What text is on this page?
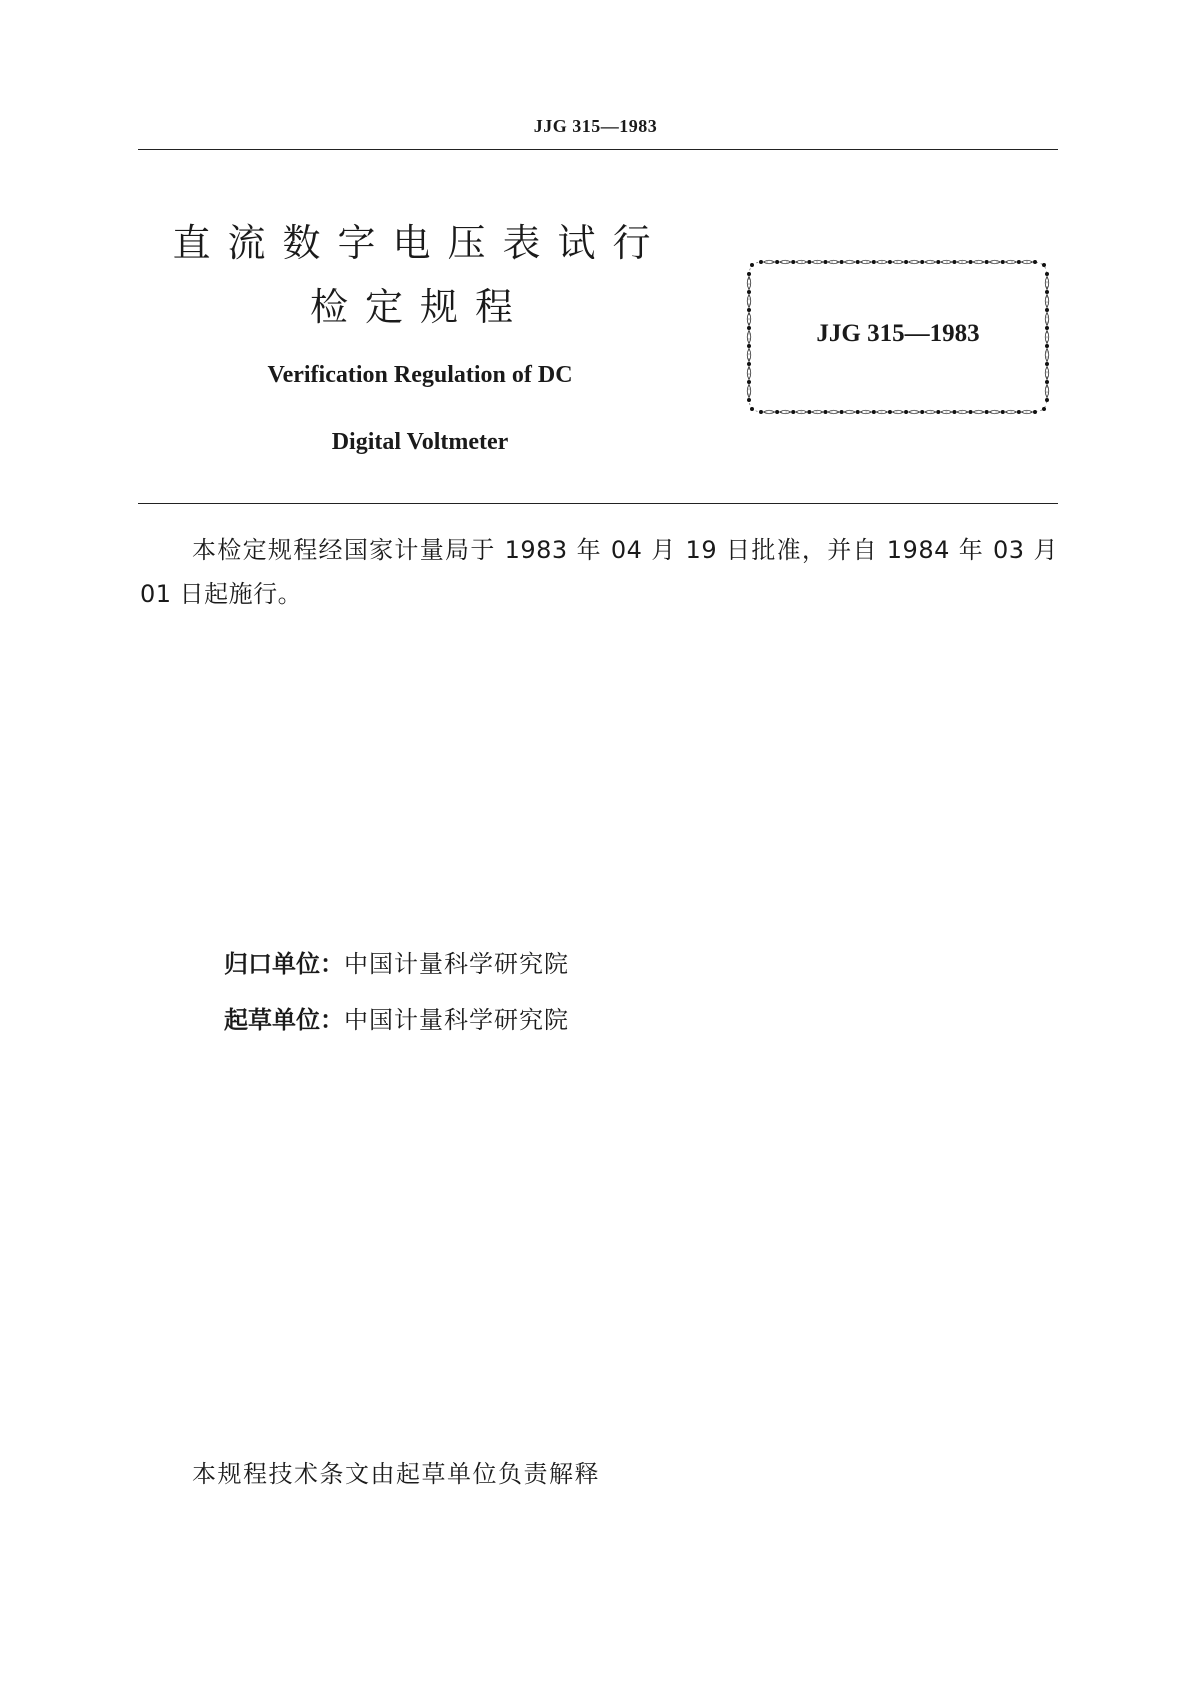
JJG 315—1983
直流数字电压表试行
检定规程
Verification Regulation of DC
Digital Voltmeter
JJG 315—1983
本检定规程经国家计量局于 1983 年 04 月 19 日批准，并自 1984 年 03 月 01 日起施行。
归口单位：中国计量科学研究院
起草单位：中国计量科学研究院
本规程技术条文由起草单位负责解释
